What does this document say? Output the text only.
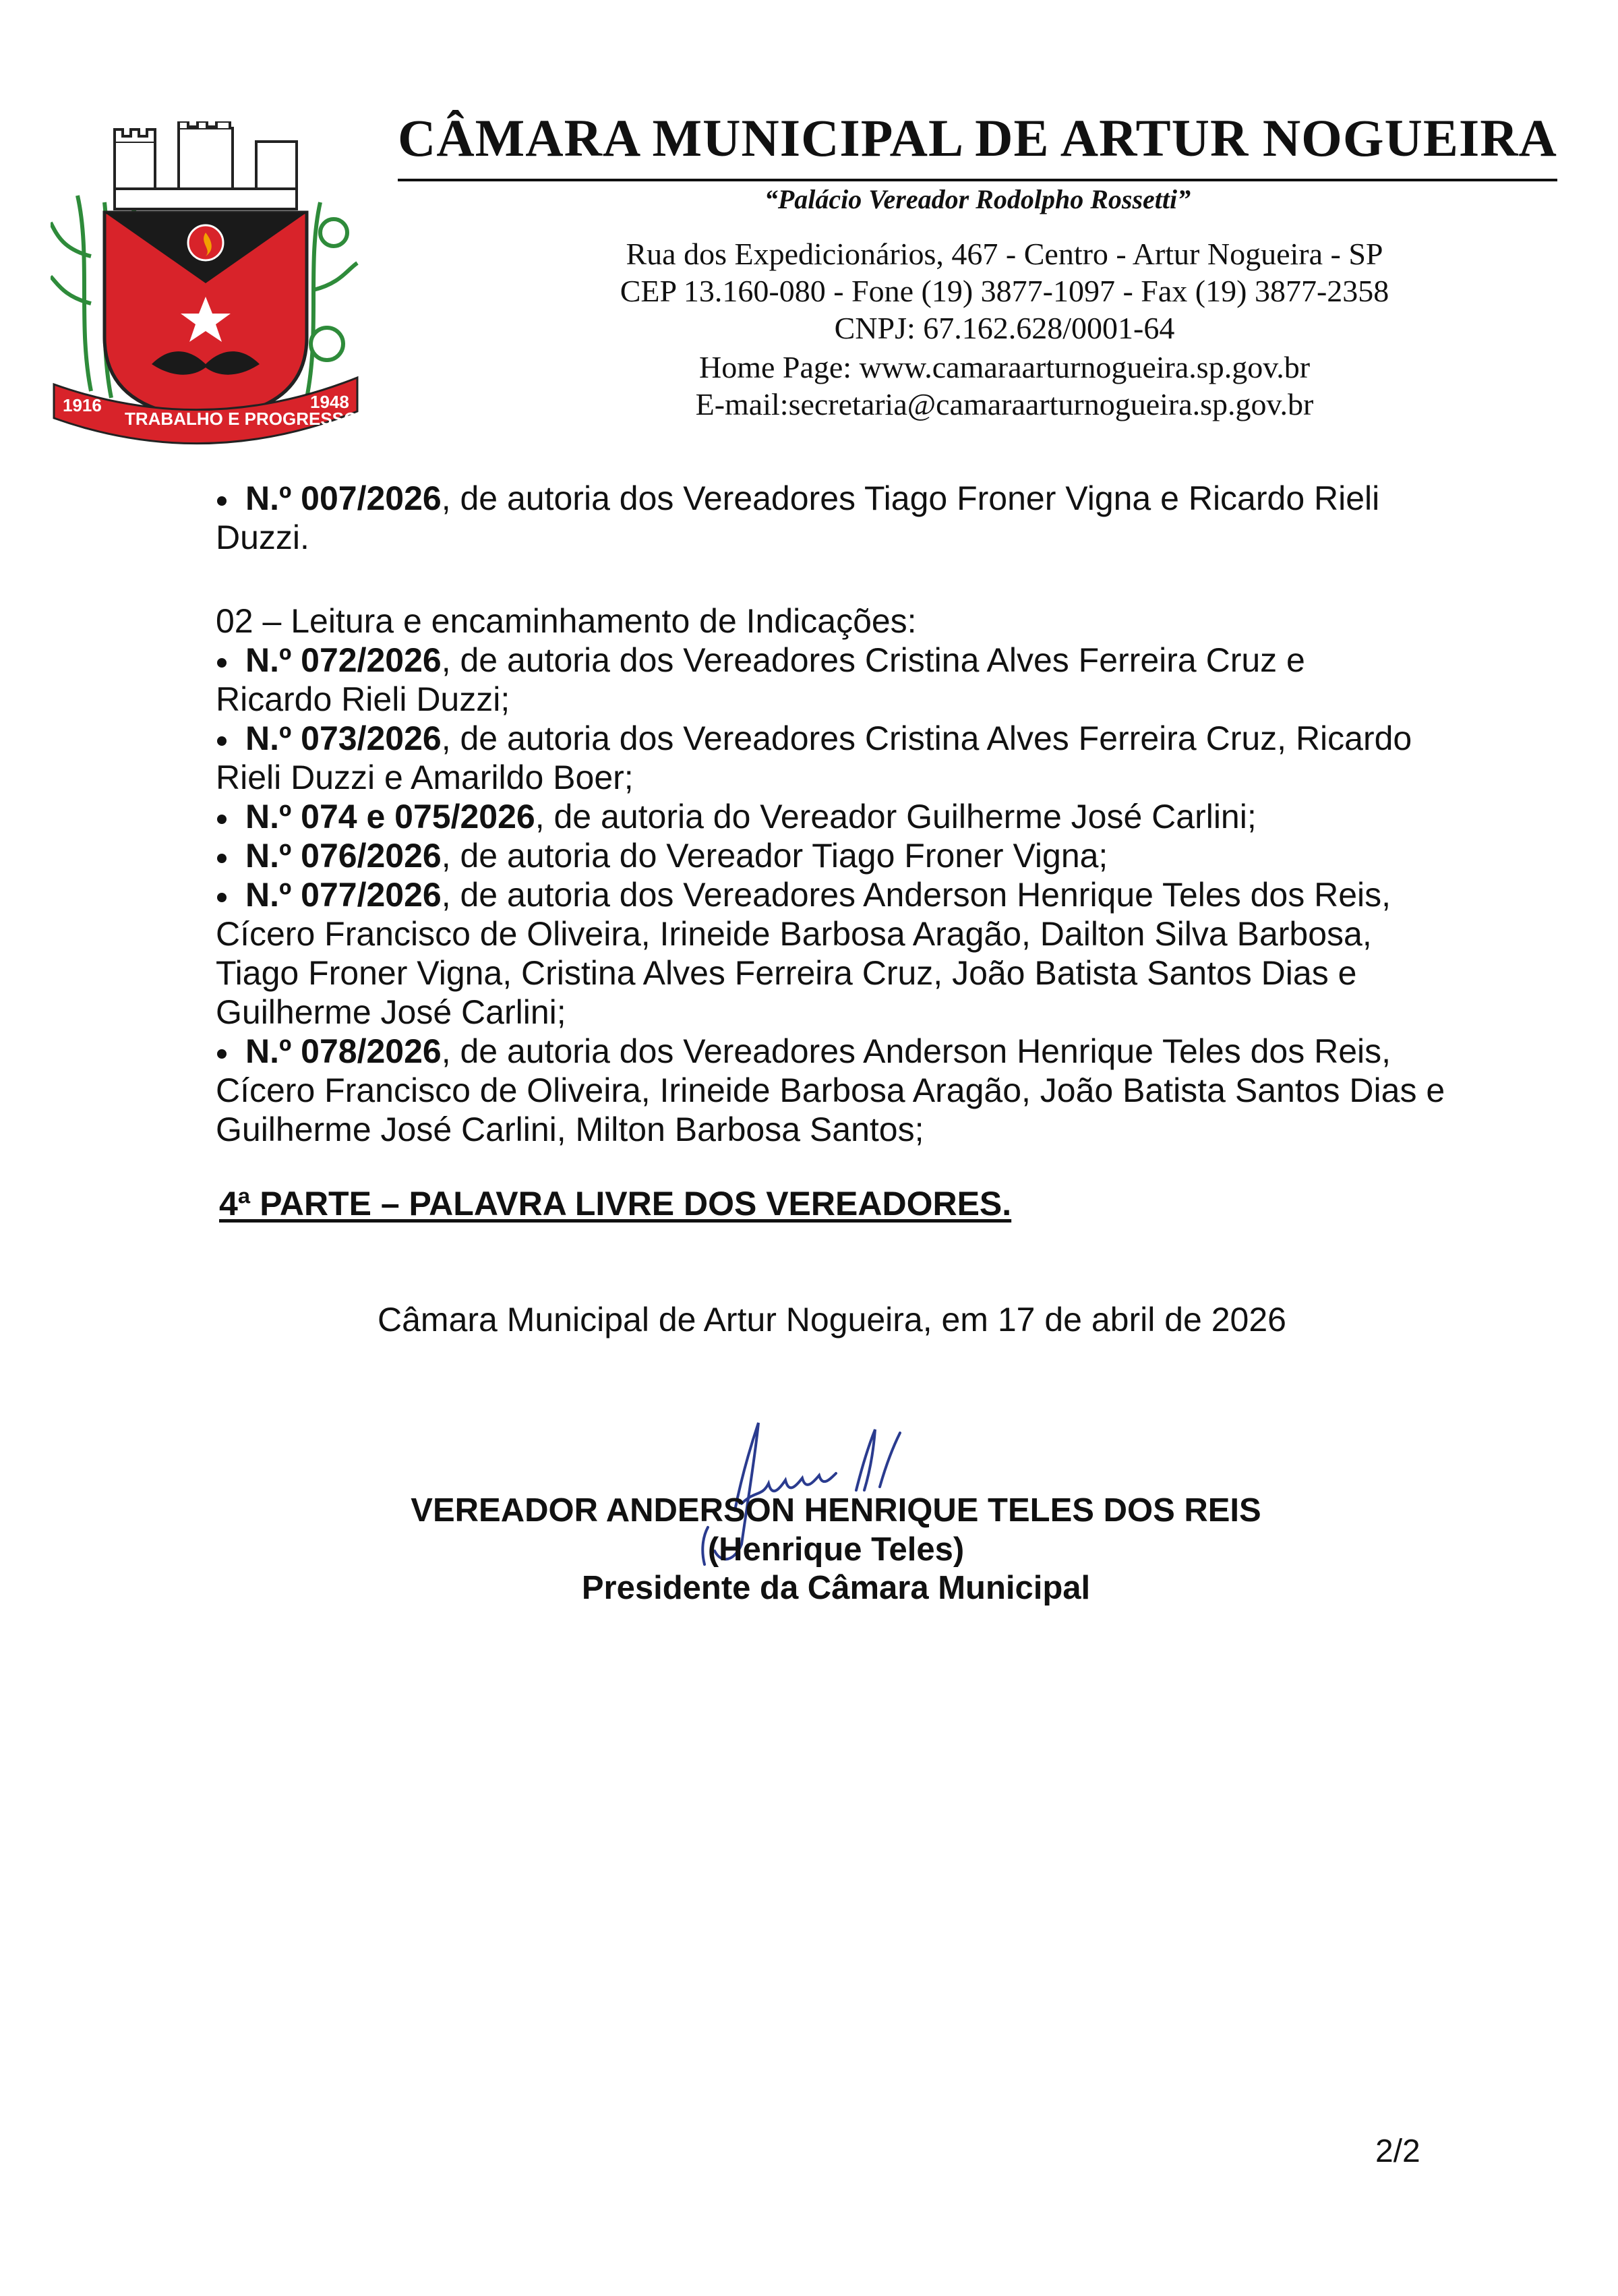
1916
TRABALHO E PROGRESSO
1948
CÂMARA MUNICIPAL DE ARTUR NOGUEIRA
“Palácio Vereador Rodolpho Rossetti”
Rua dos Expedicionários, 467 - Centro - Artur Nogueira - SP
CEP 13.160-080 - Fone (19) 3877-1097 - Fax (19) 3877-2358
CNPJ: 67.162.628/0001-64
Home Page: www.camaraarturnogueira.sp.gov.br
E-mail:secretaria@camaraarturnogueira.sp.gov.br
N.º 007/2026, de autoria dos Vereadores Tiago Froner Vigna e Ricardo Rieli
Duzzi.
02 – Leitura e encaminhamento de Indicações:
N.º 072/2026, de autoria dos Vereadores Cristina Alves Ferreira Cruz e
Ricardo Rieli Duzzi;
N.º 073/2026, de autoria dos Vereadores Cristina Alves Ferreira Cruz, Ricardo
Rieli Duzzi e Amarildo Boer;
N.º 074 e 075/2026, de autoria do Vereador Guilherme José Carlini;
N.º 076/2026, de autoria do Vereador Tiago Froner Vigna;
N.º 077/2026, de autoria dos Vereadores Anderson Henrique Teles dos Reis,
Cícero Francisco de Oliveira, Irineide Barbosa Aragão, Dailton Silva Barbosa,
Tiago Froner Vigna, Cristina Alves Ferreira Cruz, João Batista Santos Dias e
Guilherme José Carlini;
N.º 078/2026, de autoria dos Vereadores Anderson Henrique Teles dos Reis,
Cícero Francisco de Oliveira, Irineide Barbosa Aragão, João Batista Santos Dias e
Guilherme José Carlini, Milton Barbosa Santos;
4ª PARTE – PALAVRA LIVRE DOS VEREADORES.
Câmara Municipal de Artur Nogueira, em 17 de abril de 2026
VEREADOR ANDERSON HENRIQUE TELES DOS REIS
(Henrique Teles)
Presidente da Câmara Municipal
2/2
